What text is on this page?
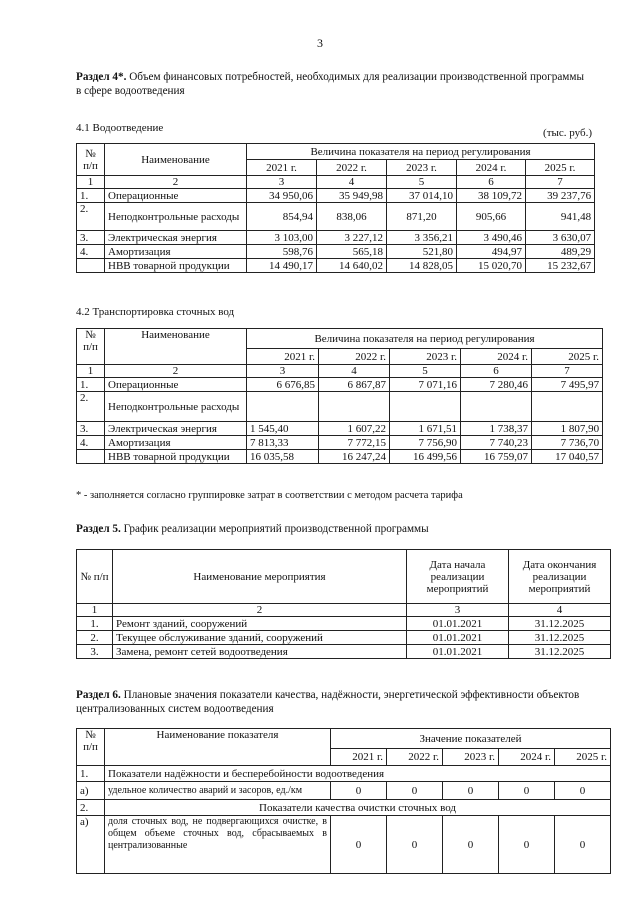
3
Раздел 4*. Объем финансовых потребностей, необходимых для реализации производственной программы в сфере водоотведения
4.1 Водоотведение	(тыс. руб.)
№ п/п	Наименование	Величина показателя на период регулирования				
		2021 г.	2022 г.	2023 г.	2024 г.	2025 г.
1	2	3	4	5	6	7
1.	Операционные	34 950,06	35 949,98	37 014,10	38 109,72	39 237,76
2.	Неподконтрольные расходы	854,94	838,06	871,20	905,66	941,48
3.	Электрическая энергия	3 103,00	3 227,12	3 356,21	3 490,46	3 630,07
4.	Амортизация	598,76	565,18	521,80	494,97	489,29
	НВВ товарной продукции	14 490,17	14 640,02	14 828,05	15 020,70	15 232,67
4.2 Транспортировка сточных вод
№ п/п	Наименование	Величина показателя на период регулирования				
		2021 г.	2022 г.	2023 г.	2024 г.	2025 г.
1	2	3	4	5	6	7
1.	Операционные	6 676,85	6 867,87	7 071,16	7 280,46	7 495,97
2.	Неподконтрольные расходы					
3.	Электрическая энергия	1 545,40	1 607,22	1 671,51	1 738,37	1 807,90
4.	Амортизация	7 813,33	7 772,15	7 756,90	7 740,23	7 736,70
	НВВ товарной продукции	16 035,58	16 247,24	16 499,56	16 759,07	17 040,57
* - заполняется согласно группировке затрат в соответствии с методом расчета тарифа
Раздел 5. График реализации мероприятий производственной программы
№ п/п	Наименование мероприятия	Дата начала реализации мероприятий	Дата окончания реализации мероприятий
1	2	3	4
1.	Ремонт зданий, сооружений	01.01.2021	31.12.2025
2.	Текущее обслуживание зданий, сооружений	01.01.2021	31.12.2025
3.	Замена, ремонт сетей водоотведения	01.01.2021	31.12.2025
Раздел 6. Плановые значения показатели качества, надёжности, энергетической эффективности объектов централизованных систем водоотведения
№ п/п	Наименование показателя	Значение показателей				
		2021 г.	2022 г.	2023 г.	2024 г.	2025 г.
1.	Показатели надёжности и бесперебойности водоотведения					
а)	удельное количество аварий и засоров, ед./км	0	0	0	0	0
2.	Показатели качества очистки сточных вод					
а)	доля сточных вод, не подвергающихся очистке, в общем объеме сточных вод, сбрасываемых в централизованные	0	0	0	0	0
